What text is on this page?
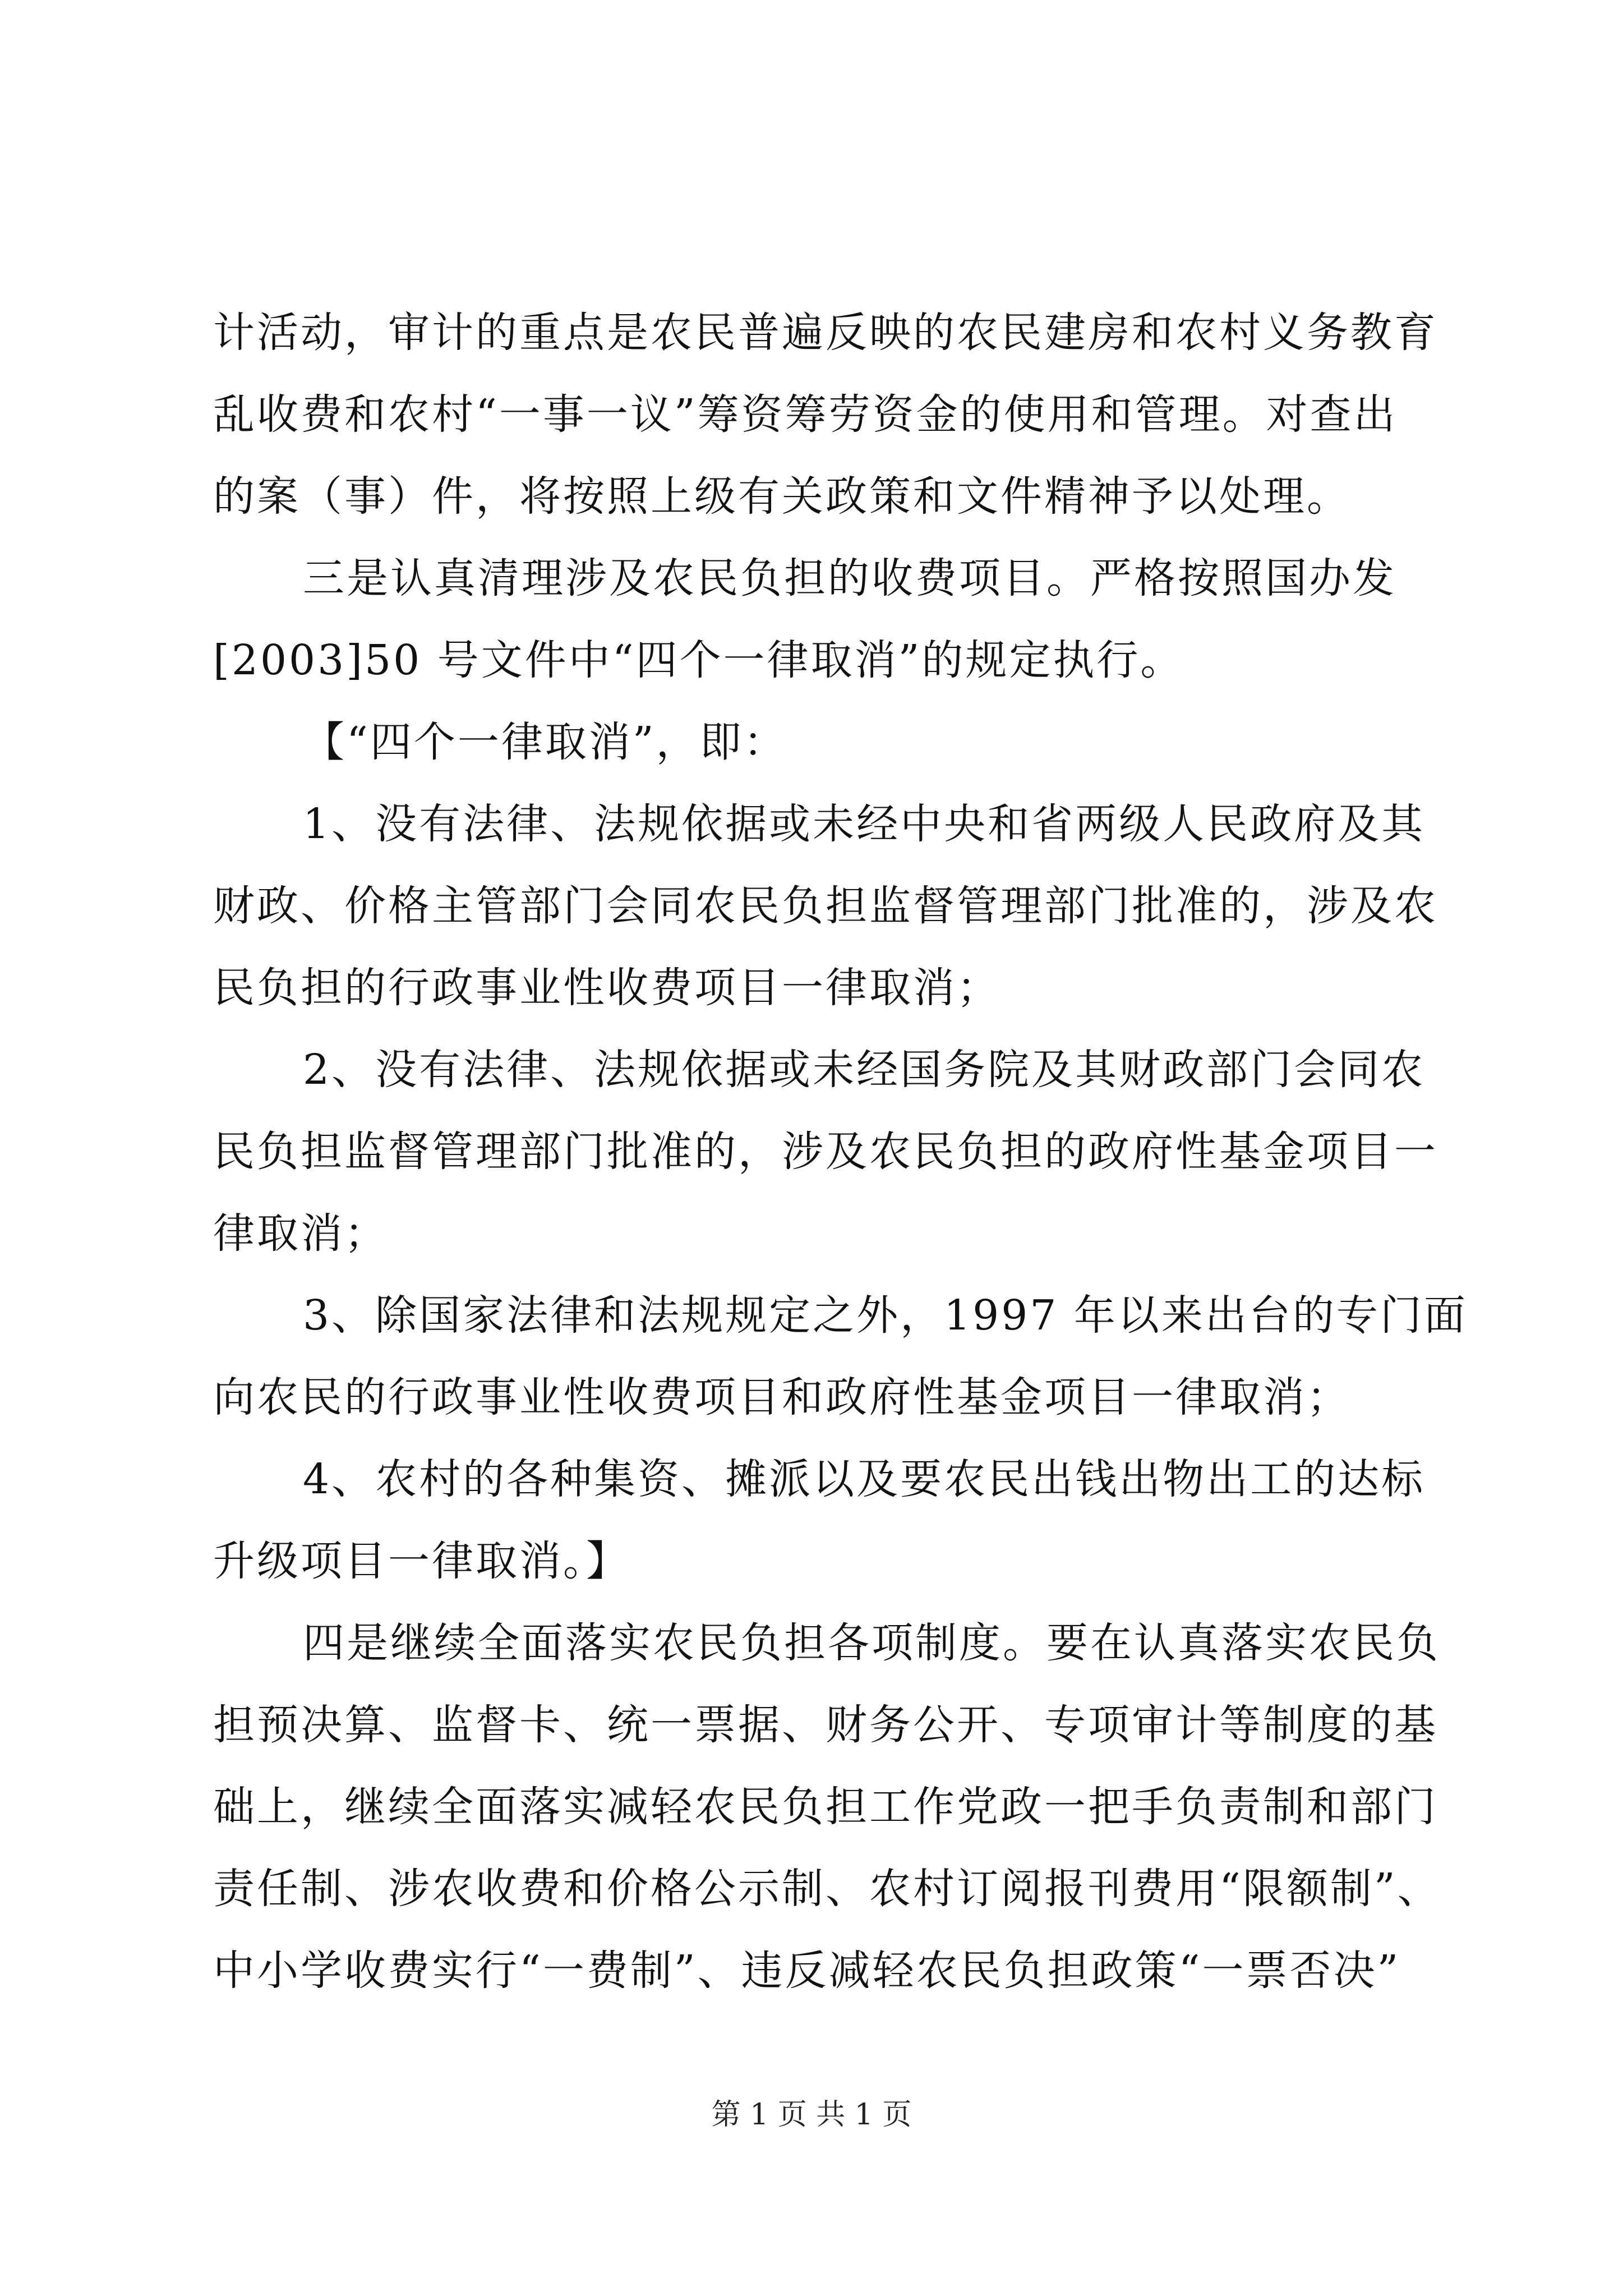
计活动，审计的重点是农民普遍反映的农民建房和农村义务教育
乱收费和农村“一事一议”筹资筹劳资金的使用和管理。对查出
的案（事）件，将按照上级有关政策和文件精神予以处理。
三是认真清理涉及农民负担的收费项目。严格按照国办发
[2003]50 号文件中“四个一律取消”的规定执行。
【“四个一律取消”，即：
1、没有法律、法规依据或未经中央和省两级人民政府及其
财政、价格主管部门会同农民负担监督管理部门批准的，涉及农
民负担的行政事业性收费项目一律取消；
2、没有法律、法规依据或未经国务院及其财政部门会同农
民负担监督管理部门批准的，涉及农民负担的政府性基金项目一
律取消；
3、除国家法律和法规规定之外，1997 年以来出台的专门面
向农民的行政事业性收费项目和政府性基金项目一律取消；
4、农村的各种集资、摊派以及要农民出钱出物出工的达标
升级项目一律取消。】
四是继续全面落实农民负担各项制度。要在认真落实农民负
担预决算、监督卡、统一票据、财务公开、专项审计等制度的基
础上，继续全面落实减轻农民负担工作党政一把手负责制和部门
责任制、涉农收费和价格公示制、农村订阅报刊费用“限额制”、
中小学收费实行“一费制”、违反减轻农民负担政策“一票否决”
第 1 页 共 1 页
